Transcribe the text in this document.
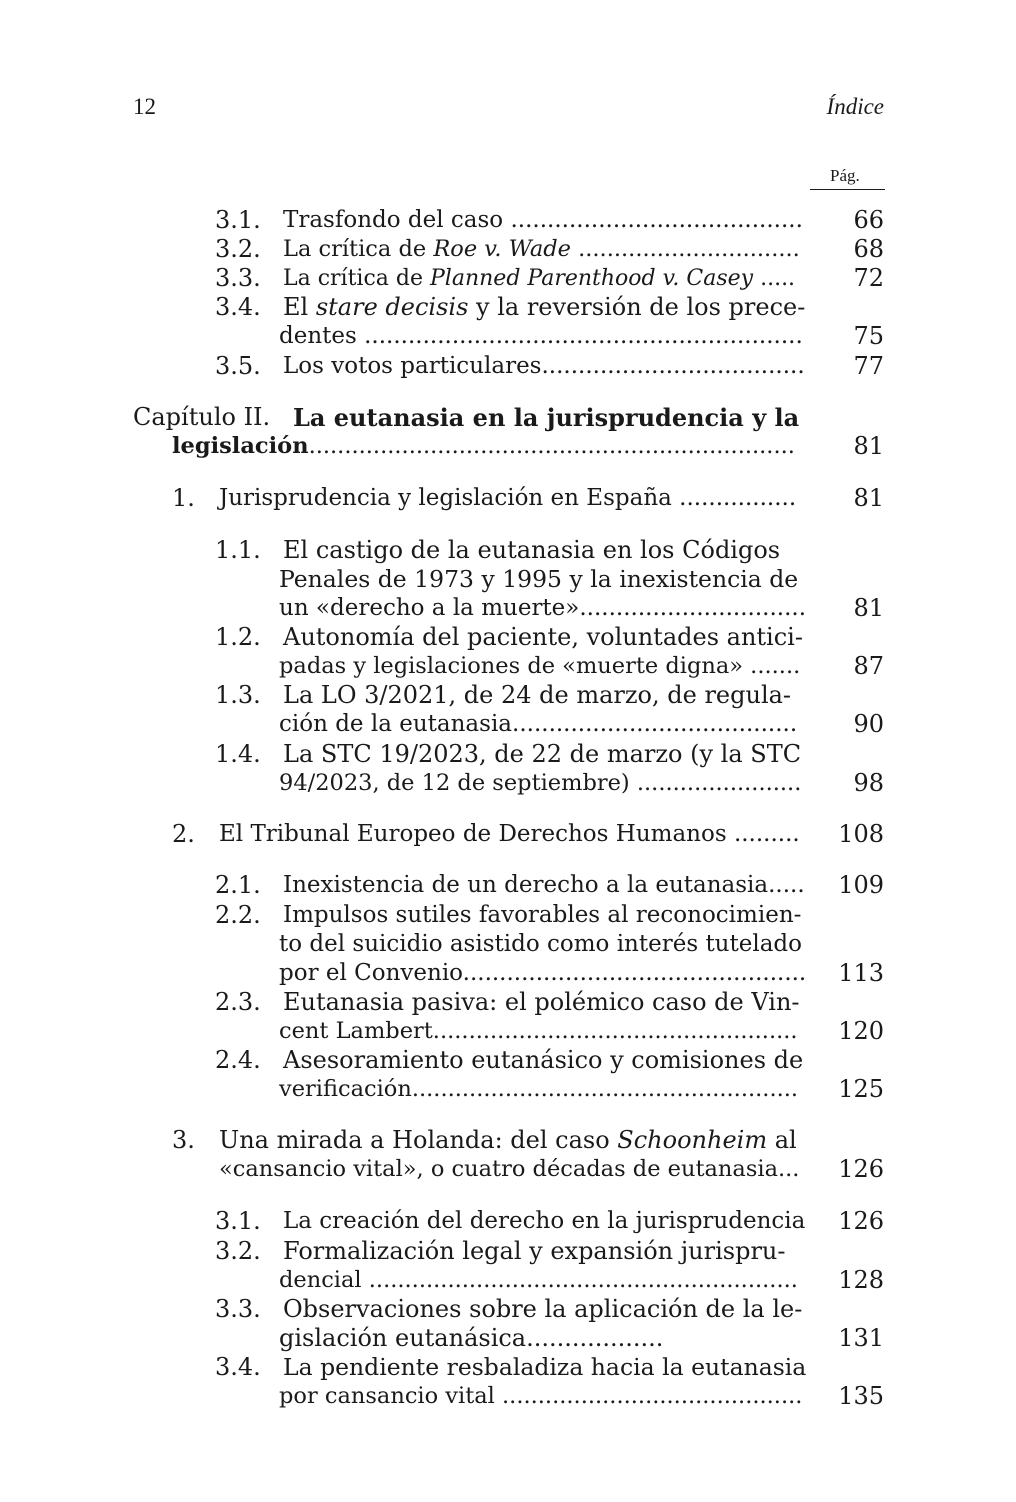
12	Índice
Pág.
3.1. Trasfondo del caso ........................................	66
3.2. La crítica de Roe v. Wade ...............................	68
3.3. La crítica de Planned Parenthood v. Casey .....	72
3.4. El stare decisis y la reversión de los prece-
dentes ............................................................	75
3.5. Los votos particulares....................................	77
Capítulo II. La eutanasia en la jurisprudencia y la
legislación....................................................................	81
1. Jurisprudencia y legislación en España ................	81
1.1. El castigo de la eutanasia en los Códigos
Penales de 1973 y 1995 y la inexistencia de
un «derecho a la muerte»...............................	81
1.2. Autonomía del paciente, voluntades antici-
padas y legislaciones de «muerte digna» .......	87
1.3. La LO 3/2021, de 24 de marzo, de regula-
ción de la eutanasia.......................................	90
1.4. La STC 19/2023, de 22 de marzo (y la STC
94/2023, de 12 de septiembre) .......................	98
2. El Tribunal Europeo de Derechos Humanos .........	108
2.1. Inexistencia de un derecho a la eutanasia.....	109
2.2. Impulsos sutiles favorables al reconocimien-
to del suicidio asistido como interés tutelado
por el Convenio...............................................	113
2.3. Eutanasia pasiva: el polémico caso de Vin-
cent Lambert...................................................	120
2.4. Asesoramiento eutanásico y comisiones de
verificación......................................................	125
3. Una mirada a Holanda: del caso Schoonheim al
«cansancio vital», o cuatro décadas de eutanasia...	126
3.1. La creación del derecho en la jurisprudencia	126
3.2. Formalización legal y expansión jurispru-
dencial ............................................................	128
3.3. Observaciones sobre la aplicación de la le-
gislación eutanásica..................	131
3.4. La pendiente resbaladiza hacia la eutanasia
por cansancio vital ..........................................	135
